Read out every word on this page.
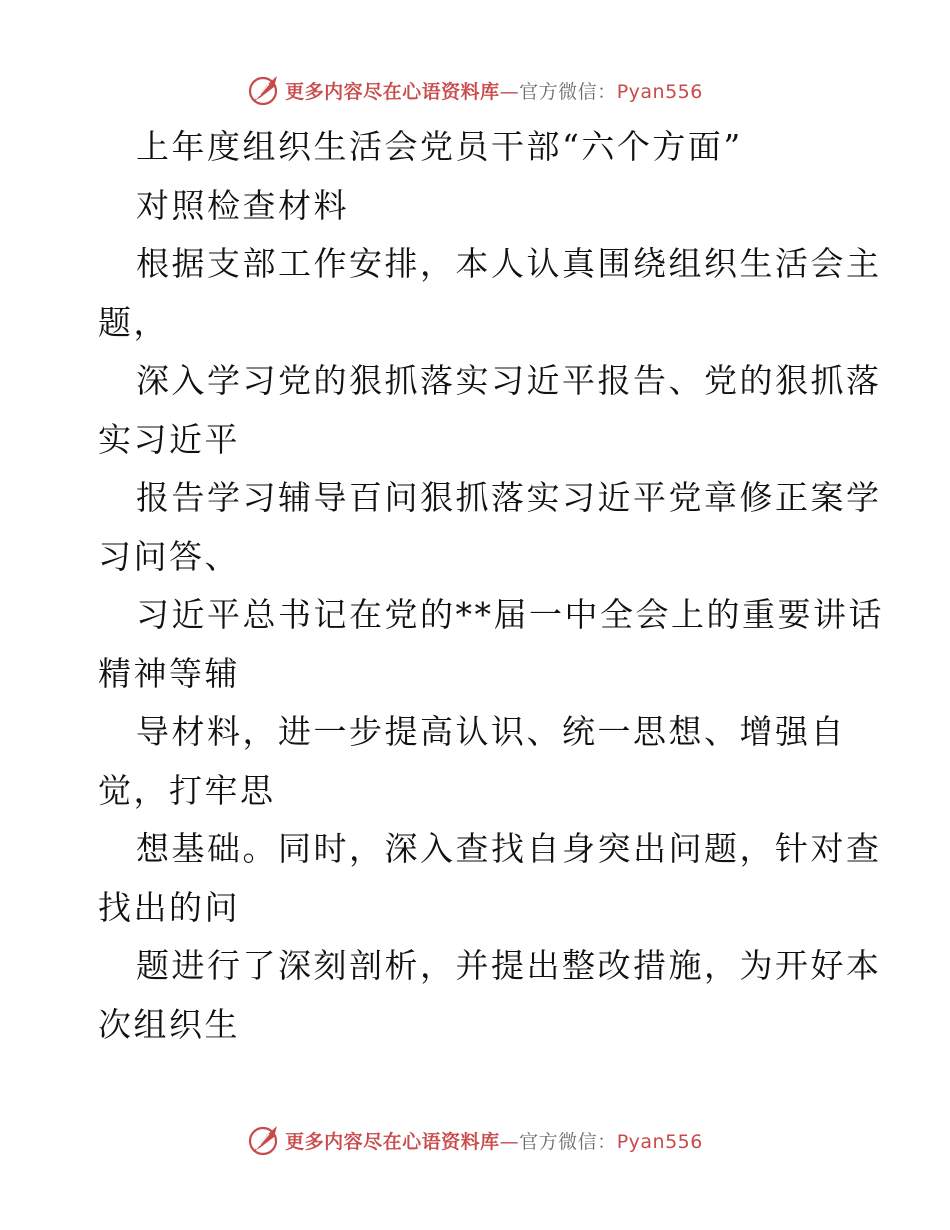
更多内容尽在心语资料库—官方微信：Pyan556
上年度组织生活会党员干部“六个方面”
对照检查材料
根据支部工作安排，本人认真围绕组织生活会主
题，
深入学习党的狠抓落实习近平报告、党的狠抓落
实习近平
报告学习辅导百问狠抓落实习近平党章修正案学
习问答、
习近平总书记在党的**届一中全会上的重要讲话
精神等辅
导材料，进一步提高认识、统一思想、增强自
觉，打牢思
想基础。同时，深入查找自身突出问题，针对查
找出的问
题进行了深刻剖析，并提出整改措施，为开好本
次组织生
更多内容尽在心语资料库—官方微信：Pyan556
